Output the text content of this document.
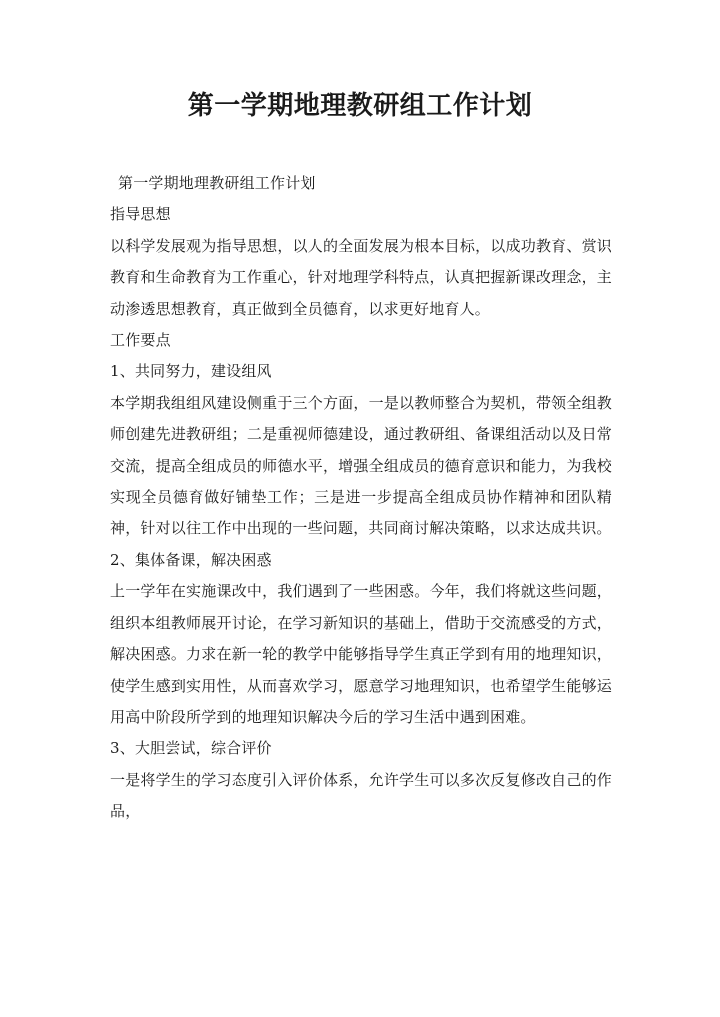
第一学期地理教研组工作计划

第一学期地理教研组工作计划

指导思想

以科学发展观为指导思想，以人的全面发展为根本目标，以成功教育、赏识教育和生命教育为工作重心，针对地理学科特点，认真把握新课改理念，主动渗透思想教育，真正做到全员德育，以求更好地育人。

工作要点

1、共同努力，建设组风

本学期我组组风建设侧重于三个方面，一是以教师整合为契机，带领全组教师创建先进教研组；二是重视师德建设，通过教研组、备课组活动以及日常交流，提高全组成员的师德水平，增强全组成员的德育意识和能力，为我校实现全员德育做好铺垫工作；三是进一步提高全组成员协作精神和团队精神，针对以往工作中出现的一些问题，共同商讨解决策略，以求达成共识。

2、集体备课，解决困惑

上一学年在实施课改中，我们遇到了一些困惑。今年，我们将就这些问题，组织本组教师展开讨论，在学习新知识的基础上，借助于交流感受的方式，解决困惑。力求在新一轮的教学中能够指导学生真正学到有用的地理知识，使学生感到实用性，从而喜欢学习，愿意学习地理知识，也希望学生能够运用高中阶段所学到的地理知识解决今后的学习生活中遇到困难。

3、大胆尝试，综合评价

一是将学生的学习态度引入评价体系，允许学生可以多次反复修改自己的作品，
